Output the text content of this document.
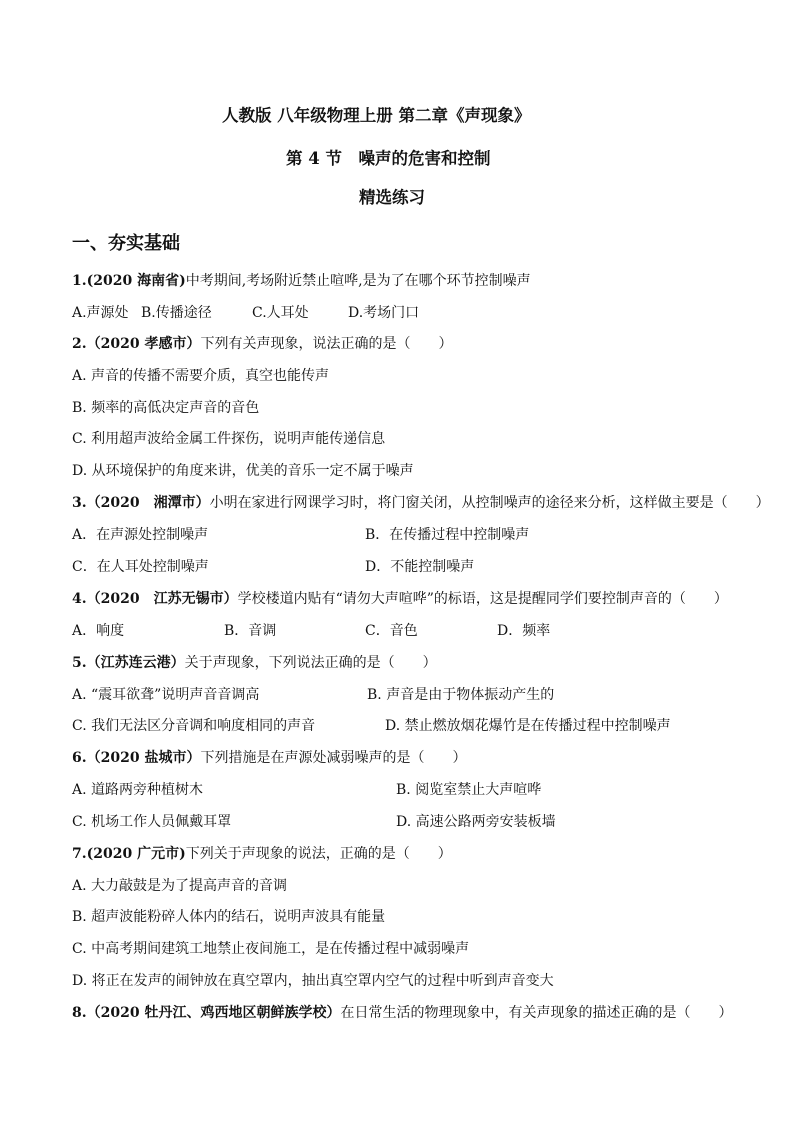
人教版 八年级物理上册 第二章《声现象》
第 4 节　噪声的危害和控制
精选练习
一、夯实基础
1.(2020 海南省)中考期间,考场附近禁止喧哗,是为了在哪个环节控制噪声
A.声源处 B.传播途径	C.人耳处	D.考场门口
2.（2020 孝感市）下列有关声现象，说法正确的是（　　）
A. 声音的传播不需要介质，真空也能传声
B. 频率的高低决定声音的音色
C. 利用超声波给金属工件探伤，说明声能传递信息
D. 从环境保护的角度来讲，优美的音乐一定不属于噪声
3.（2020　湘潭市）小明在家进行网课学习时，将门窗关闭，从控制噪声的途径来分析，这样做主要是（　　）
A．在声源处控制噪声	B．在传播过程中控制噪声
C．在人耳处控制噪声	D．不能控制噪声
4.（2020　江苏无锡市）学校楼道内贴有“请勿大声喧哗”的标语，这是提醒同学们要控制声音的（　　）
A．响度	B．音调	C．音色	D．频率
5.（江苏连云港）关于声现象，下列说法正确的是（　　）
A. “震耳欲聋”说明声音音调高	B. 声音是由于物体振动产生的
C. 我们无法区分音调和响度相同的声音	D. 禁止燃放烟花爆竹是在传播过程中控制噪声
6.（2020 盐城市）下列措施是在声源处减弱噪声的是（　　）
A. 道路两旁种植树木	B. 阅览室禁止大声喧哗
C. 机场工作人员佩戴耳罩	D. 高速公路两旁安装板墙
7.(2020 广元市)下列关于声现象的说法，正确的是（　　）
A. 大力敲鼓是为了提高声音的音调
B. 超声波能粉碎人体内的结石，说明声波具有能量
C. 中高考期间建筑工地禁止夜间施工，是在传播过程中减弱噪声
D. 将正在发声的闹钟放在真空罩内，抽出真空罩内空气的过程中听到声音变大
8.（2020 牡丹江、鸡西地区朝鲜族学校）在日常生活的物理现象中，有关声现象的描述正确的是（　　）
